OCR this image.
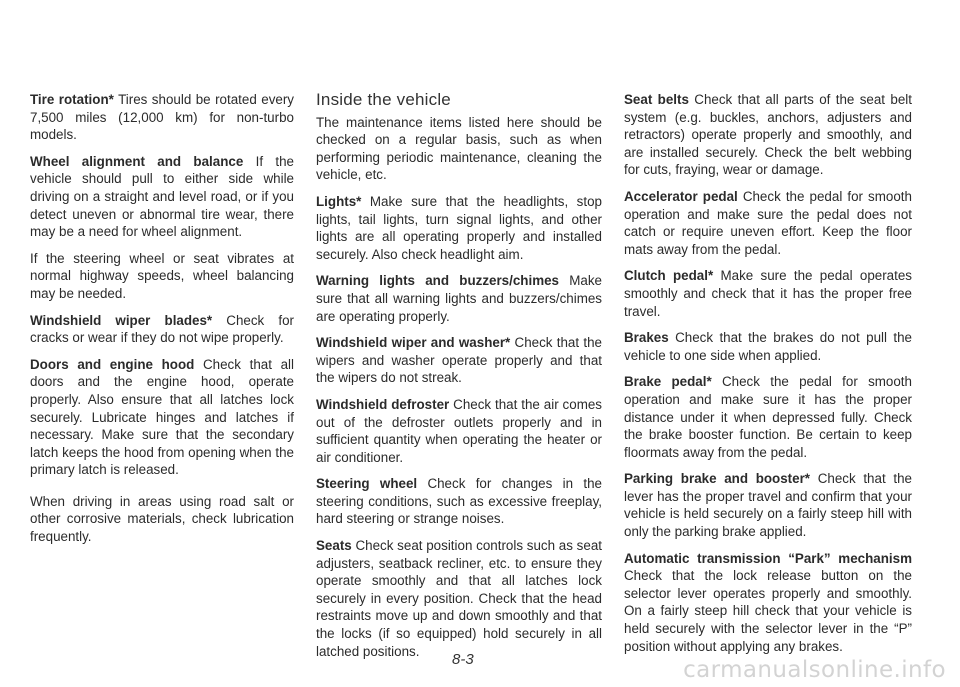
Tire rotation* Tires should be rotated every 7,500 miles (12,000 km) for non-turbo models.

Wheel alignment and balance If the vehicle should pull to either side while driving on a straight and level road, or if you detect uneven or abnormal tire wear, there may be a need for wheel alignment.

If the steering wheel or seat vibrates at normal highway speeds, wheel balancing may be needed.

Windshield wiper blades* Check for cracks or wear if they do not wipe properly.

Doors and engine hood Check that all doors and the engine hood, operate properly. Also ensure that all latches lock securely. Lubricate hinges and latches if necessary. Make sure that the secondary latch keeps the hood from opening when the primary latch is released.

When driving in areas using road salt or other corrosive materials, check lubrication frequently.

Inside the vehicle

The maintenance items listed here should be checked on a regular basis, such as when performing periodic maintenance, cleaning the vehicle, etc.

Lights* Make sure that the headlights, stop lights, tail lights, turn signal lights, and other lights are all operating properly and installed securely. Also check headlight aim.

Warning lights and buzzers/chimes Make sure that all warning lights and buzzers/chimes are operating properly.

Windshield wiper and washer* Check that the wipers and washer operate properly and that the wipers do not streak.

Windshield defroster Check that the air comes out of the defroster outlets properly and in sufficient quantity when operating the heater or air conditioner.

Steering wheel Check for changes in the steering conditions, such as excessive freeplay, hard steering or strange noises.

Seats Check seat position controls such as seat adjusters, seatback recliner, etc. to ensure they operate smoothly and that all latches lock securely in every position. Check that the head restraints move up and down smoothly and that the locks (if so equipped) hold securely in all latched positions.

Seat belts Check that all parts of the seat belt system (e.g. buckles, anchors, adjusters and retractors) operate properly and smoothly, and are installed securely. Check the belt webbing for cuts, fraying, wear or damage.

Accelerator pedal Check the pedal for smooth operation and make sure the pedal does not catch or require uneven effort. Keep the floor mats away from the pedal.

Clutch pedal* Make sure the pedal operates smoothly and check that it has the proper free travel.

Brakes Check that the brakes do not pull the vehicle to one side when applied.

Brake pedal* Check the pedal for smooth operation and make sure it has the proper distance under it when depressed fully. Check the brake booster function. Be certain to keep floormats away from the pedal.

Parking brake and booster* Check that the lever has the proper travel and confirm that your vehicle is held securely on a fairly steep hill with only the parking brake applied.

Automatic transmission “Park” mechanism Check that the lock release button on the selector lever operates properly and smoothly. On a fairly steep hill check that your vehicle is held securely with the selector lever in the “P” position without applying any brakes.

8-3	carmanualsonline.info
